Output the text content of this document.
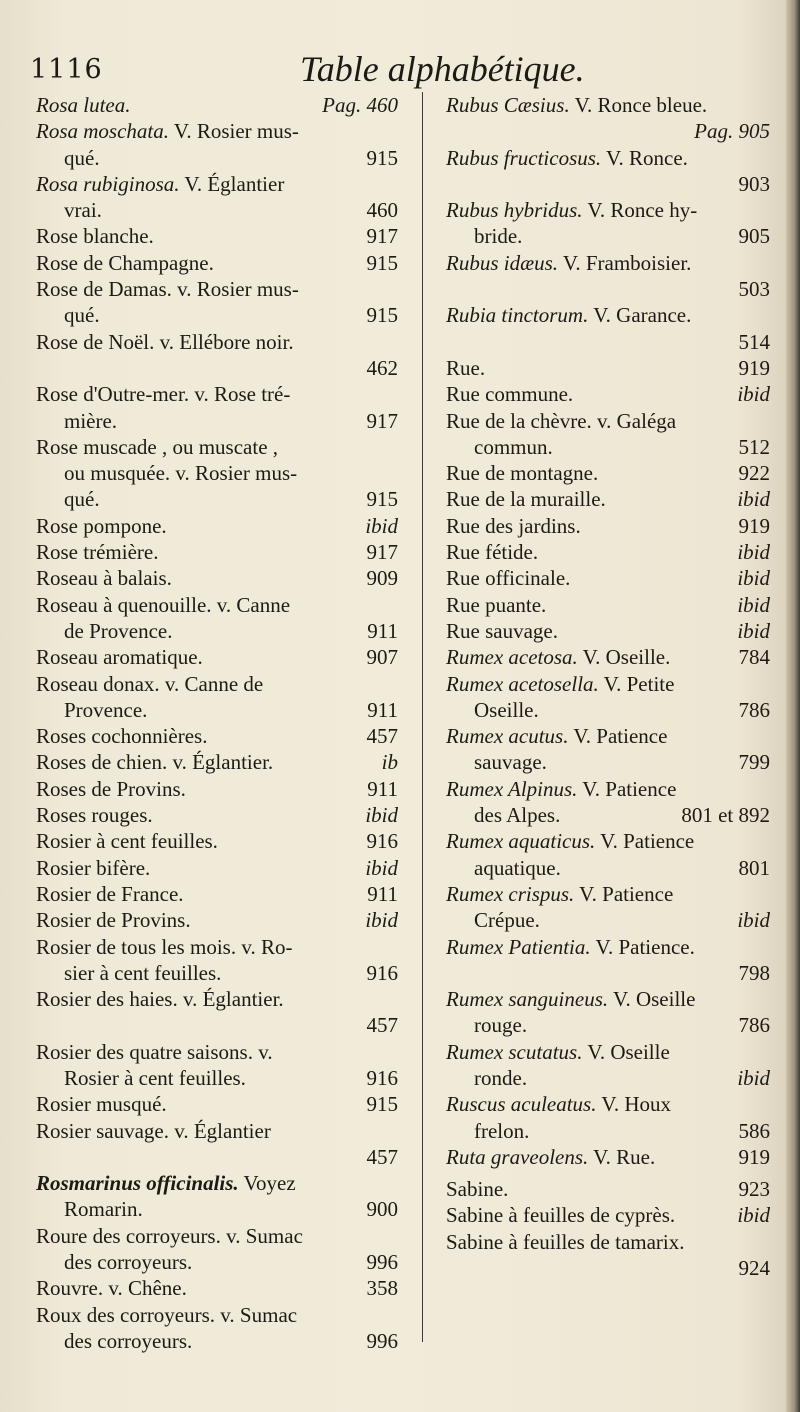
1116	Table alphabétique.
Pag. 460
Rosa lutea.
Rosa moschata. V. Rosier mus-
915
qué.
Rosa rubiginosa. V. Églantier
460
vrai.
917
Rose blanche.
915
Rose de Champagne.
Rose de Damas. v. Rosier mus-
915
qué.
Rose de Noël. v. Ellébore noir.
462
Rose d'Outre-mer. v. Rose tré-
917
mière.
Rose muscade , ou muscate ,
ou musquée. v. Rosier mus-
915
qué.
ibid
Rose pompone.
917
Rose trémière.
909
Roseau à balais.
Roseau à quenouille. v. Canne
911
de Provence.
907
Roseau aromatique.
Roseau donax. v. Canne de
911
Provence.
457
Roses cochonnières.
ib
Roses de chien. v. Églantier.
911
Roses de Provins.
ibid
Roses rouges.
916
Rosier à cent feuilles.
ibid
Rosier bifère.
911
Rosier de France.
ibid
Rosier de Provins.
Rosier de tous les mois. v. Ro-
916
sier à cent feuilles.
Rosier des haies. v. Églantier.
457
Rosier des quatre saisons. v.
916
Rosier à cent feuilles.
915
Rosier musqué.
Rosier sauvage. v. Églantier
457
Rosmarinus officinalis. Voyez
900
Romarin.
Roure des corroyeurs. v. Sumac
996
des corroyeurs.
358
Rouvre. v. Chêne.
Roux des corroyeurs. v. Sumac
996
des corroyeurs.
Rubus Cæsius. V. Ronce bleue.
Pag. 905
Rubus fructicosus. V. Ronce.
903
Rubus hybridus. V. Ronce hy-
905
bride.
Rubus idæus. V. Framboisier.
503
Rubia tinctorum. V. Garance.
514
919
Rue.
ibid
Rue commune.
Rue de la chèvre. v. Galéga
512
commun.
922
Rue de montagne.
ibid
Rue de la muraille.
919
Rue des jardins.
ibid
Rue fétide.
ibid
Rue officinale.
ibid
Rue puante.
ibid
Rue sauvage.
784
Rumex acetosa. V. Oseille.
Rumex acetosella. V. Petite
786
Oseille.
Rumex acutus. V. Patience
799
sauvage.
Rumex Alpinus. V. Patience
801 et 892
des Alpes.
Rumex aquaticus. V. Patience
801
aquatique.
Rumex crispus. V. Patience
ibid
Crépue.
Rumex Patientia. V. Patience.
798
Rumex sanguineus. V. Oseille
786
rouge.
Rumex scutatus. V. Oseille
ibid
ronde.
Ruscus aculeatus. V. Houx
586
frelon.
919
Ruta graveolens. V. Rue.
923
Sabine.
ibid
Sabine à feuilles de cyprès.
Sabine à feuilles de tamarix.
924
